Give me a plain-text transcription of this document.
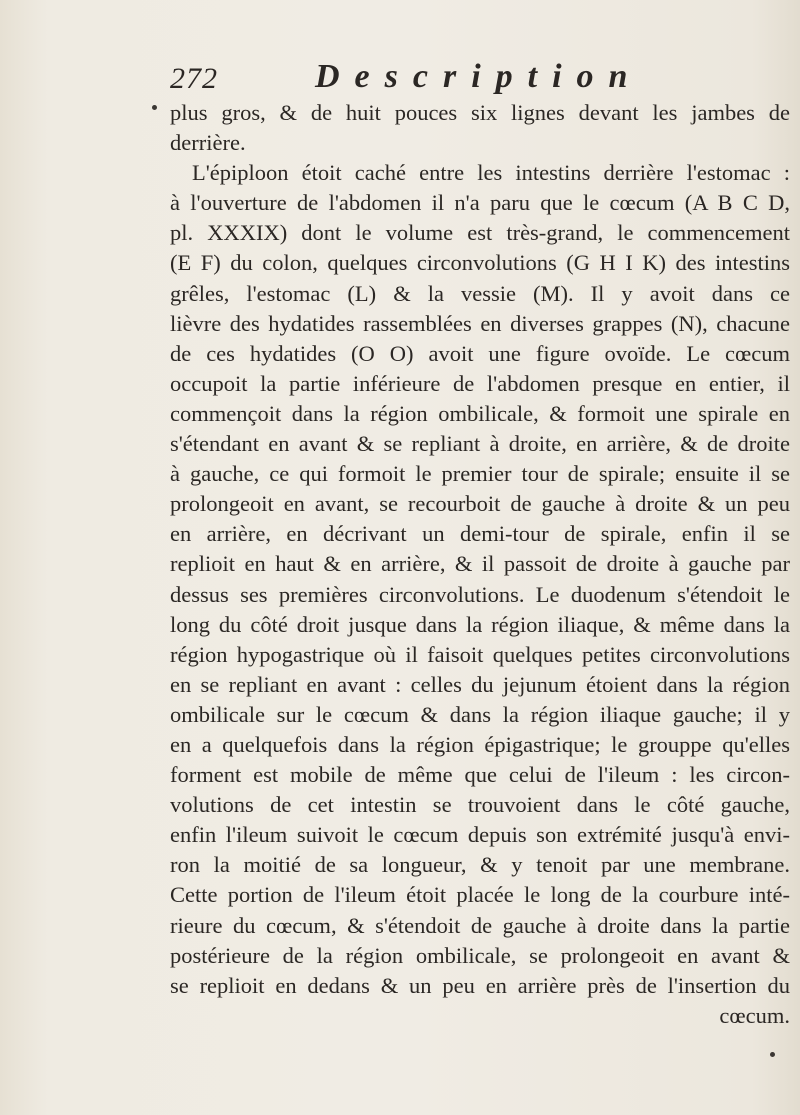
272	Description
plus gros, & de huit pouces six lignes devant les jambes de
derrière.
L'épiploon étoit caché entre les intestins derrière l'estomac :
à l'ouverture de l'abdomen il n'a paru que le cœcum (A B C D,
pl. XXXIX) dont le volume est très-grand, le commencement
(E F) du colon, quelques circonvolutions (G H I K) des intestins
grêles, l'estomac (L) & la vessie (M). Il y avoit dans ce
lièvre des hydatides rassemblées en diverses grappes (N), chacune
de ces hydatides (O O) avoit une figure ovoïde. Le cœcum
occupoit la partie inférieure de l'abdomen presque en entier, il
commençoit dans la région ombilicale, & formoit une spirale en
s'étendant en avant & se repliant à droite, en arrière, & de droite
à gauche, ce qui formoit le premier tour de spirale; ensuite il se
prolongeoit en avant, se recourboit de gauche à droite & un peu
en arrière, en décrivant un demi-tour de spirale, enfin il se
replioit en haut & en arrière, & il passoit de droite à gauche par
dessus ses premières circonvolutions. Le duodenum s'étendoit le
long du côté droit jusque dans la région iliaque, & même dans la
région hypogastrique où il faisoit quelques petites circonvolutions
en se repliant en avant : celles du jejunum étoient dans la région
ombilicale sur le cœcum & dans la région iliaque gauche; il y
en a quelquefois dans la région épigastrique; le grouppe qu'elles
forment est mobile de même que celui de l'ileum : les circon-
volutions de cet intestin se trouvoient dans le côté gauche,
enfin l'ileum suivoit le cœcum depuis son extrémité jusqu'à envi-
ron la moitié de sa longueur, & y tenoit par une membrane.
Cette portion de l'ileum étoit placée le long de la courbure inté-
rieure du cœcum, & s'étendoit de gauche à droite dans la partie
postérieure de la région ombilicale, se prolongeoit en avant &
se replioit en dedans & un peu en arrière près de l'insertion du
cœcum.
